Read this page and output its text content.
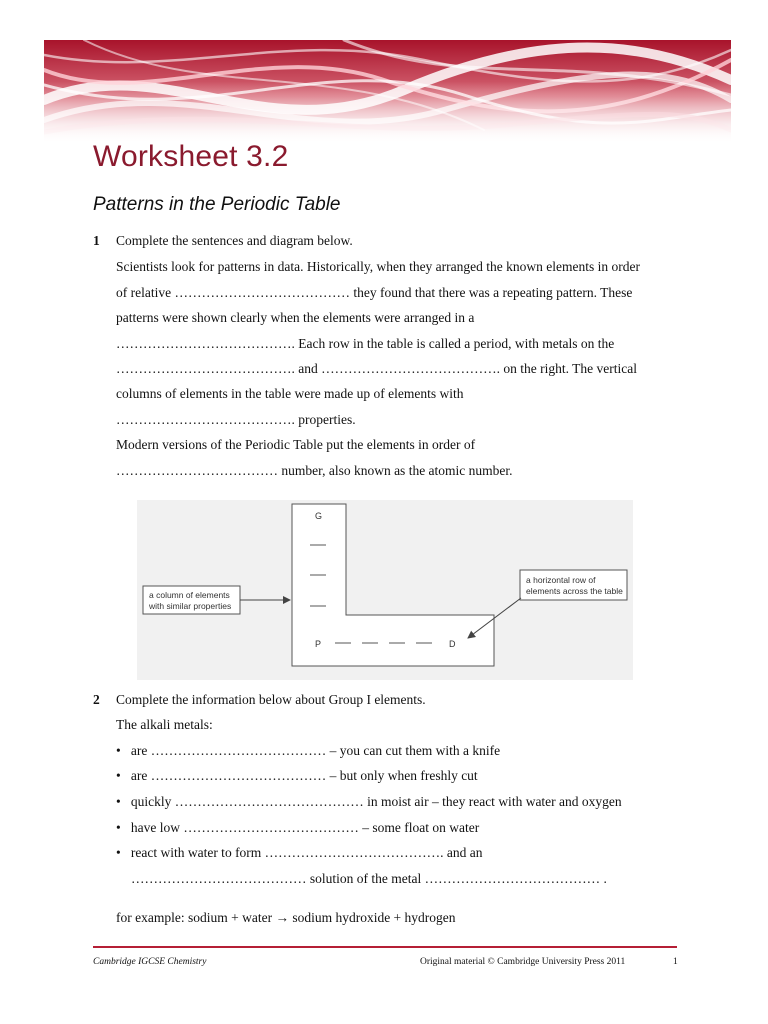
Worksheet 3.2
Patterns in the Periodic Table
1 Complete the sentences and diagram below.
Scientists look for patterns in data. Historically, when they arranged the known elements in order
of relative ………………………………… they found that there was a repeating pattern. These
patterns were shown clearly when the elements were arranged in a
…………………………………. Each row in the table is called a period, with metals on the
…………………………………. and …………………………………. on the right. The vertical
columns of elements in the table were made up of elements with
…………………………………. properties.
Modern versions of the Periodic Table put the elements in order of
……………………………… number, also known as the atomic number.
G
P	D
a column of elements
with similar properties
a horizontal row of
elements across the table
2 Complete the information below about Group I elements.
The alkali metals:
•   are ………………………………… – you can cut them with a knife
•   are ………………………………… – but only when freshly cut
•   quickly …………………………………… in moist air – they react with water and oxygen
•   have low ………………………………… – some float on water
•   react with water to form …………………………………. and an
………………………………… solution of the metal ………………………………… .
for example: sodium + water → sodium hydroxide + hydrogen
Cambridge IGCSE Chemistry	Original material © Cambridge University Press 2011	1
